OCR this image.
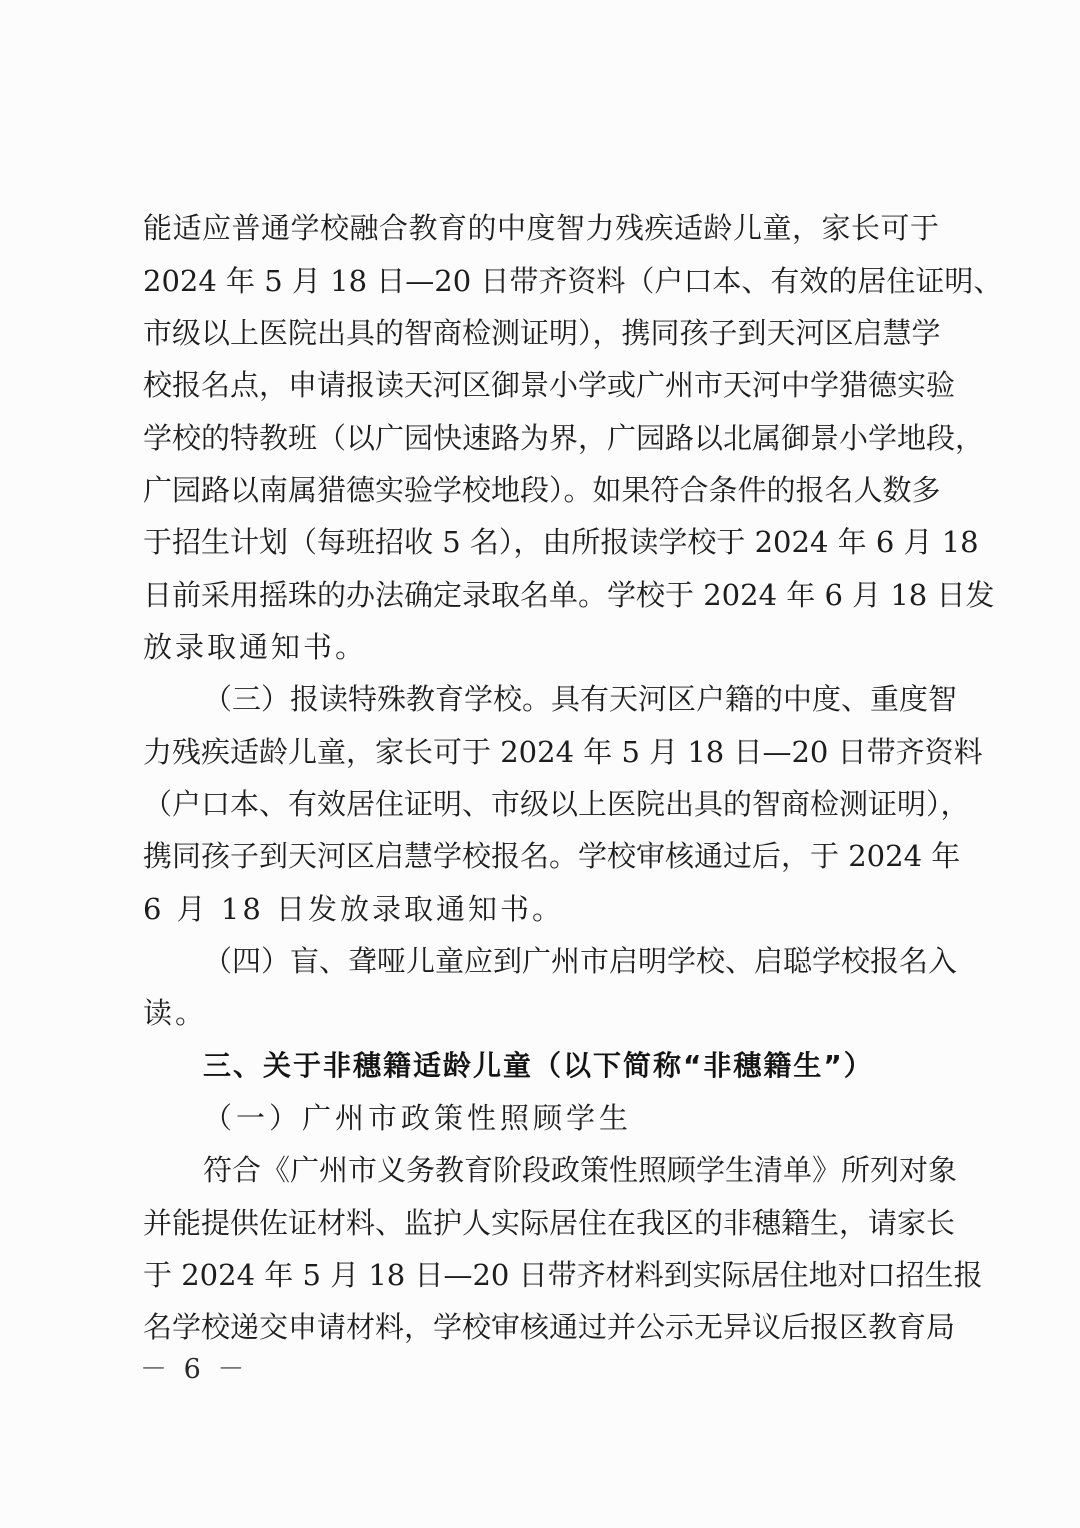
能适应普通学校融合教育的中度智力残疾适龄儿童，家长可于
2024 年 5 月 18 日—20 日带齐资料（户口本、有效的居住证明、
市级以上医院出具的智商检测证明），携同孩子到天河区启慧学
校报名点，申请报读天河区御景小学或广州市天河中学猎德实验
学校的特教班（以广园快速路为界，广园路以北属御景小学地段，
广园路以南属猎德实验学校地段）。如果符合条件的报名人数多
于招生计划（每班招收 5 名），由所报读学校于 2024 年 6 月 18
日前采用摇珠的办法确定录取名单。学校于 2024 年 6 月 18 日发
放录取通知书。
（三）报读特殊教育学校。具有天河区户籍的中度、重度智
力残疾适龄儿童，家长可于 2024 年 5 月 18 日—20 日带齐资料
（户口本、有效居住证明、市级以上医院出具的智商检测证明），
携同孩子到天河区启慧学校报名。学校审核通过后，于 2024 年
6 月 18 日发放录取通知书。
（四）盲、聋哑儿童应到广州市启明学校、启聪学校报名入
读。
三、关于非穗籍适龄儿童（以下简称“非穗籍生”）
（一）广州市政策性照顾学生
符合《广州市义务教育阶段政策性照顾学生清单》所列对象
并能提供佐证材料、监护人实际居住在我区的非穗籍生，请家长
于 2024 年 5 月 18 日—20 日带齐材料到实际居住地对口招生报
名学校递交申请材料，学校审核通过并公示无异议后报区教育局
－ 6 －
